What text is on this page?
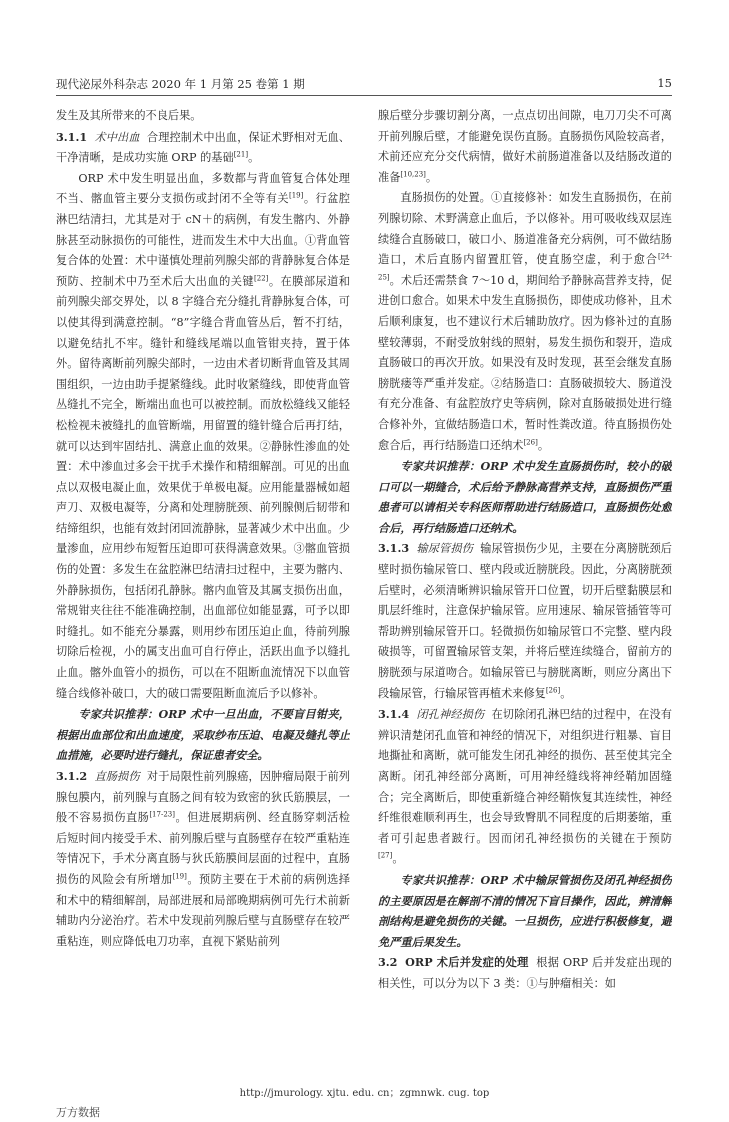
现代泌尿外科杂志 2020 年 1 月第 25 卷第 1 期	15

发生及其所带来的不良后果。

3.1.1 术中出血 合理控制术中出血，保证术野相对无血、干净清晰，是成功实施 ORP 的基础[21]。

ORP 术中发生明显出血，多数都与背血管复合体处理不当、髂血管主要分支损伤或封闭不全等有关[19]。行盆腔淋巴结清扫，尤其是对于 cN＋的病例，有发生髂内、外静脉甚至动脉损伤的可能性，进而发生术中大出血。①背血管复合体的处置：术中谨慎处理前列腺尖部的背静脉复合体是预防、控制术中乃至术后大出血的关键[22]。在膜部尿道和前列腺尖部交界处，以 8 字缝合充分缝扎背静脉复合体，可以使其得到满意控制。“8”字缝合背血管丛后，暂不打结，以避免结扎不牢。缝针和缝线尾端以血管钳夹持，置于体外。留待离断前列腺尖部时，一边由术者切断背血管及其周围组织，一边由助手提紧缝线。此时收紧缝线，即使背血管丛缝扎不完全，断端出血也可以被控制。而放松缝线又能轻松检视未被缝扎的血管断端，用留置的缝针缝合后再打结，就可以达到牢固结扎、满意止血的效果。②静脉性渗血的处置：术中渗血过多会干扰手术操作和精细解剖。可见的出血点以双极电凝止血，效果优于单极电凝。应用能量器械如超声刀、双极电凝等，分离和处理膀胱颈、前列腺侧后韧带和结缔组织，也能有效封闭回流静脉，显著减少术中出血。少量渗血，应用纱布短暂压迫即可获得满意效果。③髂血管损伤的处置：多发生在盆腔淋巴结清扫过程中，主要为髂内、外静脉损伤，包括闭孔静脉。髂内血管及其属支损伤出血，常规钳夹往往不能准确控制，出血部位如能显露，可予以即时缝扎。如不能充分暴露，则用纱布团压迫止血，待前列腺切除后检视，小的属支出血可自行停止，活跃出血予以缝扎止血。髂外血管小的损伤，可以在不阻断血流情况下以血管缝合线修补破口，大的破口需要阻断血流后予以修补。

专家共识推荐：ORP 术中一旦出血，不要盲目钳夹，根据出血部位和出血速度，采取纱布压迫、电凝及缝扎等止血措施，必要时进行缝扎，保证患者安全。

3.1.2 直肠损伤 对于局限性前列腺癌，因肿瘤局限于前列腺包膜内，前列腺与直肠之间有较为致密的狄氏筋膜层，一般不容易损伤直肠[17-23]。但进展期病例、经直肠穿刺活检后短时间内接受手术、前列腺后壁与直肠壁存在较严重粘连等情况下，手术分离直肠与狄氏筋膜间层面的过程中，直肠损伤的风险会有所增加[19]。预防主要在于术前的病例选择和术中的精细解剖，局部进展和局部晚期病例可先行术前新辅助内分泌治疗。若术中发现前列腺后壁与直肠壁存在较严重粘连，则应降低电刀功率，直视下紧贴前列

腺后壁分步骤切割分离，一点点切出间隙，电刀刀尖不可离开前列腺后壁，才能避免误伤直肠。直肠损伤风险较高者，术前还应充分交代病情，做好术前肠道准备以及结肠改道的准备[10,23]。

直肠损伤的处置。①直接修补：如发生直肠损伤，在前列腺切除、术野满意止血后，予以修补。用可吸收线双层连续缝合直肠破口，破口小、肠道准备充分病例，可不做结肠造口，术后直肠内留置肛管，使直肠空虚，利于愈合[24-25]。术后还需禁食 7～10 d，期间给予静脉高营养支持，促进创口愈合。如果术中发生直肠损伤，即使成功修补，且术后顺利康复，也不建议行术后辅助放疗。因为修补过的直肠壁较薄弱，不耐受放射线的照射，易发生损伤和裂开，造成直肠破口的再次开放。如果没有及时发现，甚至会继发直肠膀胱瘘等严重并发症。②结肠造口：直肠破损较大、肠道没有充分准备、有盆腔放疗史等病例，除对直肠破损处进行缝合修补外，宜做结肠造口术，暂时性粪改道。待直肠损伤处愈合后，再行结肠造口还纳术[26]。

专家共识推荐：ORP 术中发生直肠损伤时，较小的破口可以一期缝合，术后给予静脉高营养支持，直肠损伤严重患者可以请相关专科医师帮助进行结肠造口，直肠损伤处愈合后，再行结肠造口还纳术。

3.1.3 输尿管损伤 输尿管损伤少见，主要在分离膀胱颈后壁时损伤输尿管口、壁内段或近膀胱段。因此，分离膀胱颈后壁时，必须清晰辨识输尿管开口位置，切开后壁黏膜层和肌层纤维时，注意保护输尿管。应用速尿、输尿管插管等可帮助辨别输尿管开口。轻微损伤如输尿管口不完整、壁内段破损等，可留置输尿管支架，并将后壁连续缝合，留前方的膀胱颈与尿道吻合。如输尿管已与膀胱离断，则应分离出下段输尿管，行输尿管再植术来修复[26]。

3.1.4 闭孔神经损伤 在切除闭孔淋巴结的过程中，在没有辨识清楚闭孔血管和神经的情况下，对组织进行粗暴、盲目地撕扯和离断，就可能发生闭孔神经的损伤、甚至使其完全离断。闭孔神经部分离断，可用神经缝线将神经鞘加固缝合；完全离断后，即使重新缝合神经鞘恢复其连续性，神经纤维很难顺利再生，也会导致臀肌不同程度的后期萎缩，重者可引起患者跛行。因而闭孔神经损伤的关键在于预防[27]。

专家共识推荐：ORP 术中输尿管损伤及闭孔神经损伤的主要原因是在解剖不清的情况下盲目操作，因此，辨清解剖结构是避免损伤的关键。一旦损伤，应进行积极修复，避免严重后果发生。

3.2 ORP 术后并发症的处理 根据 ORP 后并发症出现的相关性，可以分为以下 3 类：①与肿瘤相关：如

http://jmurology. xjtu. edu. cn；zgmnwk. cug. top
万方数据
